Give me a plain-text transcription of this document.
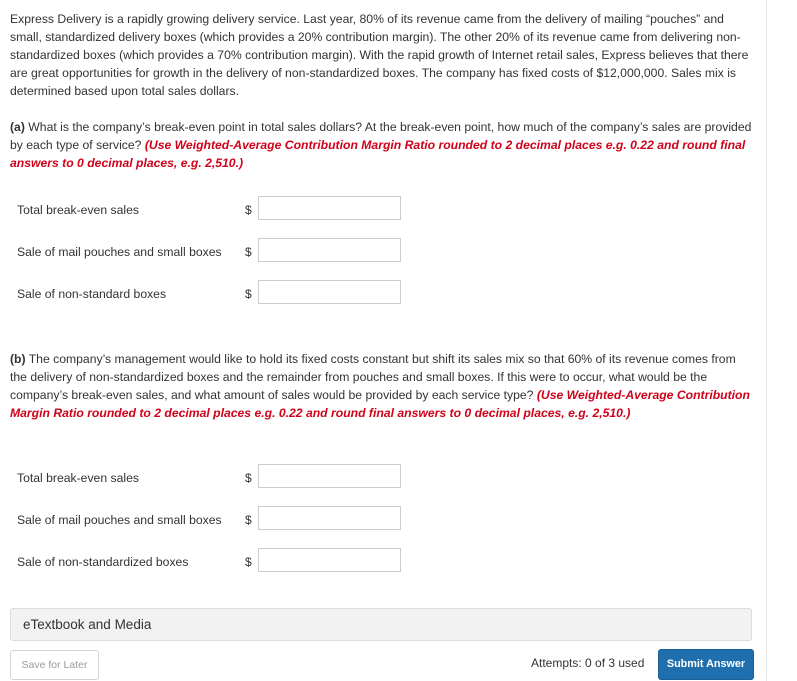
Express Delivery is a rapidly growing delivery service. Last year, 80% of its revenue came from the delivery of mailing “pouches” and small, standardized delivery boxes (which provides a 20% contribution margin). The other 20% of its revenue came from delivering non-standardized boxes (which provides a 70% contribution margin). With the rapid growth of Internet retail sales, Express believes that there are great opportunities for growth in the delivery of non-standardized boxes. The company has fixed costs of $12,000,000. Sales mix is determined based upon total sales dollars.

(a) What is the company’s break-even point in total sales dollars? At the break-even point, how much of the company’s sales are provided by each type of service? (Use Weighted-Average Contribution Margin Ratio rounded to 2 decimal places e.g. 0.22 and round final answers to 0 decimal places, e.g. 2,510.)

Total break-even sales	$
Sale of mail pouches and small boxes $
Sale of non-standard boxes	$

(b) The company’s management would like to hold its fixed costs constant but shift its sales mix so that 60% of its revenue comes from the delivery of non-standardized boxes and the remainder from pouches and small boxes. If this were to occur, what would be the company’s break-even sales, and what amount of sales would be provided by each service type? (Use Weighted-Average Contribution Margin Ratio rounded to 2 decimal places e.g. 0.22 and round final answers to 0 decimal places, e.g. 2,510.)

Total break-even sales	$
Sale of mail pouches and small boxes $
Sale of non-standardized boxes	$
eTextbook and Media
Save for Later	Attempts: 0 of 3 used	Submit Answer
